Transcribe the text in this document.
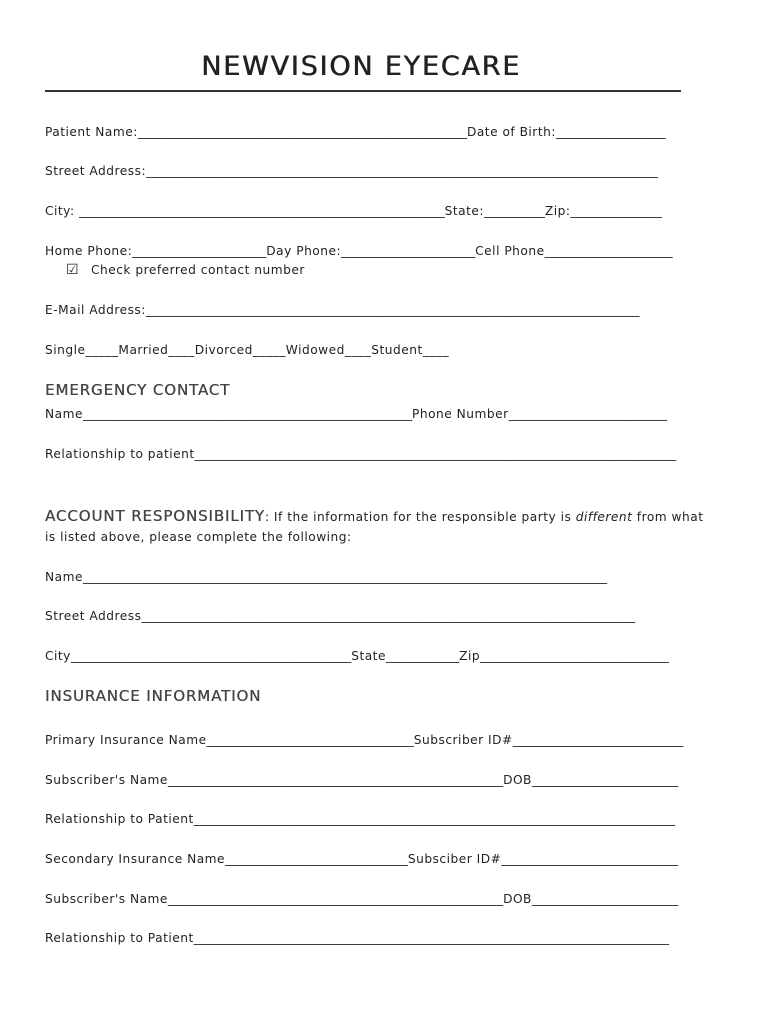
NEWVISION EYECARE
Patient Name:______________________________________________________Date of Birth:__________________
Street Address:____________________________________________________________________________________
City: ____________________________________________________________State:__________Zip:_______________
Home Phone:______________________Day Phone:______________________Cell Phone_____________________
☑ Check preferred contact number
E-Mail Address:_________________________________________________________________________________
Single_____Married____Divorced_____Widowed____Student____
EMERGENCY CONTACT
Name______________________________________________________Phone Number__________________________
Relationship to patient_______________________________________________________________________________
ACCOUNT RESPONSIBILITY: If the information for the responsible party is different from what
is listed above, please complete the following:
Name______________________________________________________________________________________
Street Address_________________________________________________________________________________
City______________________________________________State____________Zip_______________________________
INSURANCE INFORMATION
Primary Insurance Name__________________________________Subscriber ID#____________________________
Subscriber's Name_______________________________________________________DOB________________________
Relationship to Patient_______________________________________________________________________________
Secondary Insurance Name______________________________Subsciber ID#_____________________________
Subscriber's Name_______________________________________________________DOB________________________
Relationship to Patient______________________________________________________________________________
